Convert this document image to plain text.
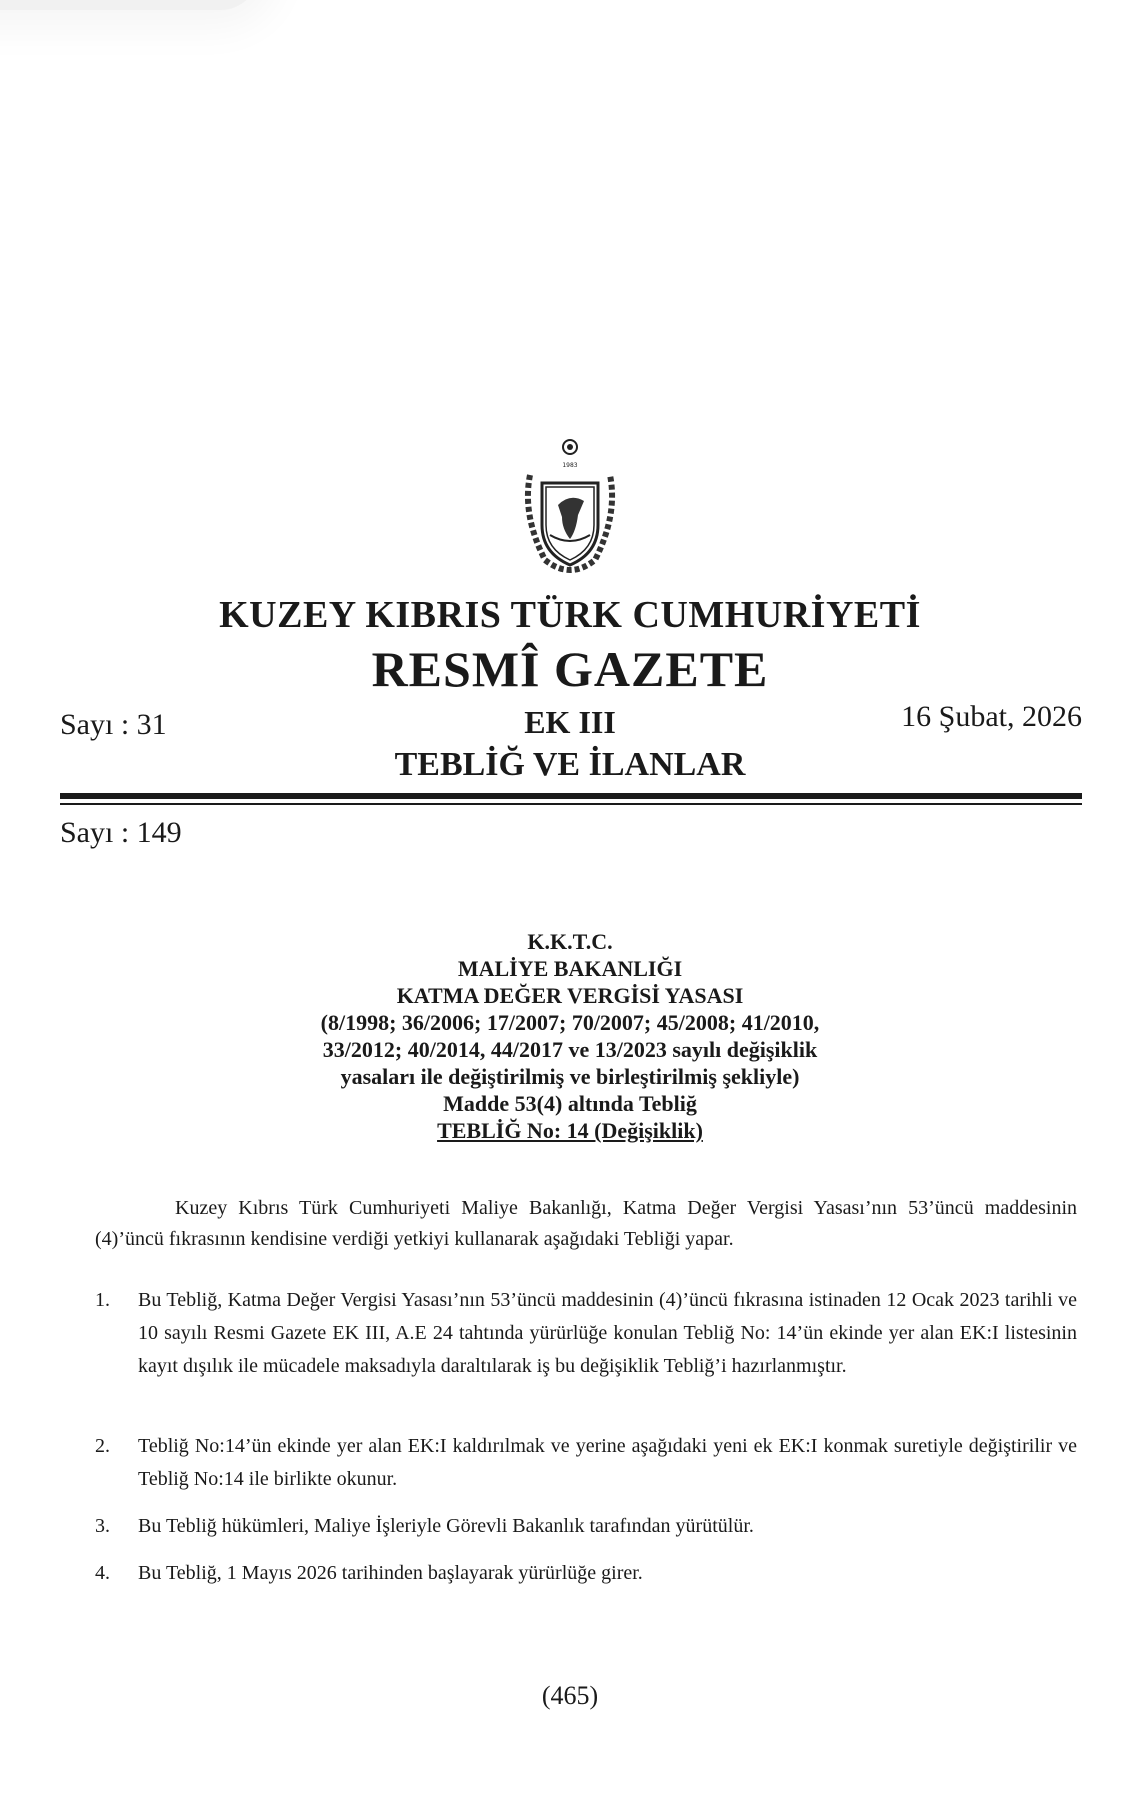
1983
KUZEY KIBRIS TÜRK CUMHURİYETİ
RESMÎ GAZETE
Sayı : 31	EK III	16 Şubat, 2026
TEBLİĞ VE İLANLAR
Sayı : 149
K.K.T.C.
MALİYE BAKANLIĞI
KATMA DEĞER VERGİSİ YASASI
(8/1998; 36/2006; 17/2007; 70/2007; 45/2008; 41/2010,
33/2012; 40/2014, 44/2017 ve 13/2023 sayılı değişiklik
yasaları ile değiştirilmiş ve birleştirilmiş şekliyle)
Madde 53(4) altında Tebliğ
TEBLİĞ No: 14 (Değişiklik)
Kuzey Kıbrıs Türk Cumhuriyeti Maliye Bakanlığı, Katma Değer Vergisi Yasası’nın 53’üncü maddesinin (4)’üncü fıkrasının kendisine verdiği yetkiyi kullanarak aşağıdaki Tebliği yapar.
1.	Bu Tebliğ, Katma Değer Vergisi Yasası’nın 53’üncü maddesinin (4)’üncü fıkrasına istinaden 12 Ocak 2023 tarihli ve 10 sayılı Resmi Gazete EK III, A.E 24 tahtında yürürlüğe konulan Tebliğ No: 14’ün ekinde yer alan EK:I listesinin kayıt dışılık ile mücadele maksadıyla daraltılarak iş bu değişiklik Tebliğ’i hazırlanmıştır.
2.	Tebliğ No:14’ün ekinde yer alan EK:I kaldırılmak ve yerine aşağıdaki yeni ek EK:I konmak suretiyle değiştirilir ve Tebliğ No:14 ile birlikte okunur.
3.	Bu Tebliğ hükümleri, Maliye İşleriyle Görevli Bakanlık tarafından yürütülür.
4.	Bu Tebliğ, 1 Mayıs 2026 tarihinden başlayarak yürürlüğe girer.
(465)
